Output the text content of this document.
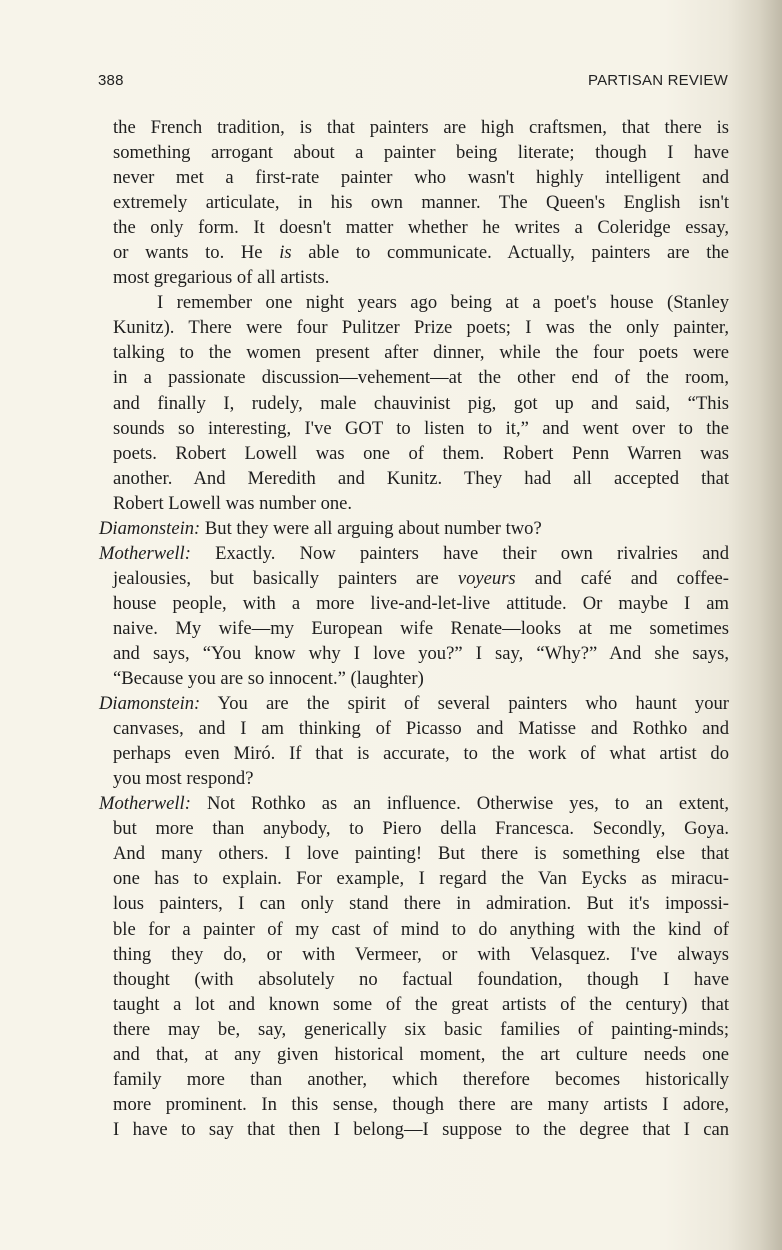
388	PARTISAN REVIEW
the French tradition, is that painters are high craftsmen, that there is
something arrogant about a painter being literate; though I have
never met a first-rate painter who wasn't highly intelligent and
extremely articulate, in his own manner. The Queen's English isn't
the only form. It doesn't matter whether he writes a Coleridge essay,
or wants to. He is able to communicate. Actually, painters are the
most gregarious of all artists.
I remember one night years ago being at a poet's house (Stanley
Kunitz). There were four Pulitzer Prize poets; I was the only painter,
talking to the women present after dinner, while the four poets were
in a passionate discussion—vehement—at the other end of the room,
and finally I, rudely, male chauvinist pig, got up and said, “This
sounds so interesting, I've GOT to listen to it,” and went over to the
poets. Robert Lowell was one of them. Robert Penn Warren was
another. And Meredith and Kunitz. They had all accepted that
Robert Lowell was number one.
Diamonstein: But they were all arguing about number two?
Motherwell: Exactly. Now painters have their own rivalries and
jealousies, but basically painters are voyeurs and café and coffee-
house people, with a more live-and-let-live attitude. Or maybe I am
naive. My wife—my European wife Renate—looks at me sometimes
and says, “You know why I love you?” I say, “Why?” And she says,
“Because you are so innocent.” (laughter)
Diamonstein: You are the spirit of several painters who haunt your
canvases, and I am thinking of Picasso and Matisse and Rothko and
perhaps even Miró. If that is accurate, to the work of what artist do
you most respond?
Motherwell: Not Rothko as an influence. Otherwise yes, to an extent,
but more than anybody, to Piero della Francesca. Secondly, Goya.
And many others. I love painting! But there is something else that
one has to explain. For example, I regard the Van Eycks as miracu-
lous painters, I can only stand there in admiration. But it's impossi-
ble for a painter of my cast of mind to do anything with the kind of
thing they do, or with Vermeer, or with Velasquez. I've always
thought (with absolutely no factual foundation, though I have
taught a lot and known some of the great artists of the century) that
there may be, say, generically six basic families of painting-minds;
and that, at any given historical moment, the art culture needs one
family more than another, which therefore becomes historically
more prominent. In this sense, though there are many artists I adore,
I have to say that then I belong—I suppose to the degree that I can
